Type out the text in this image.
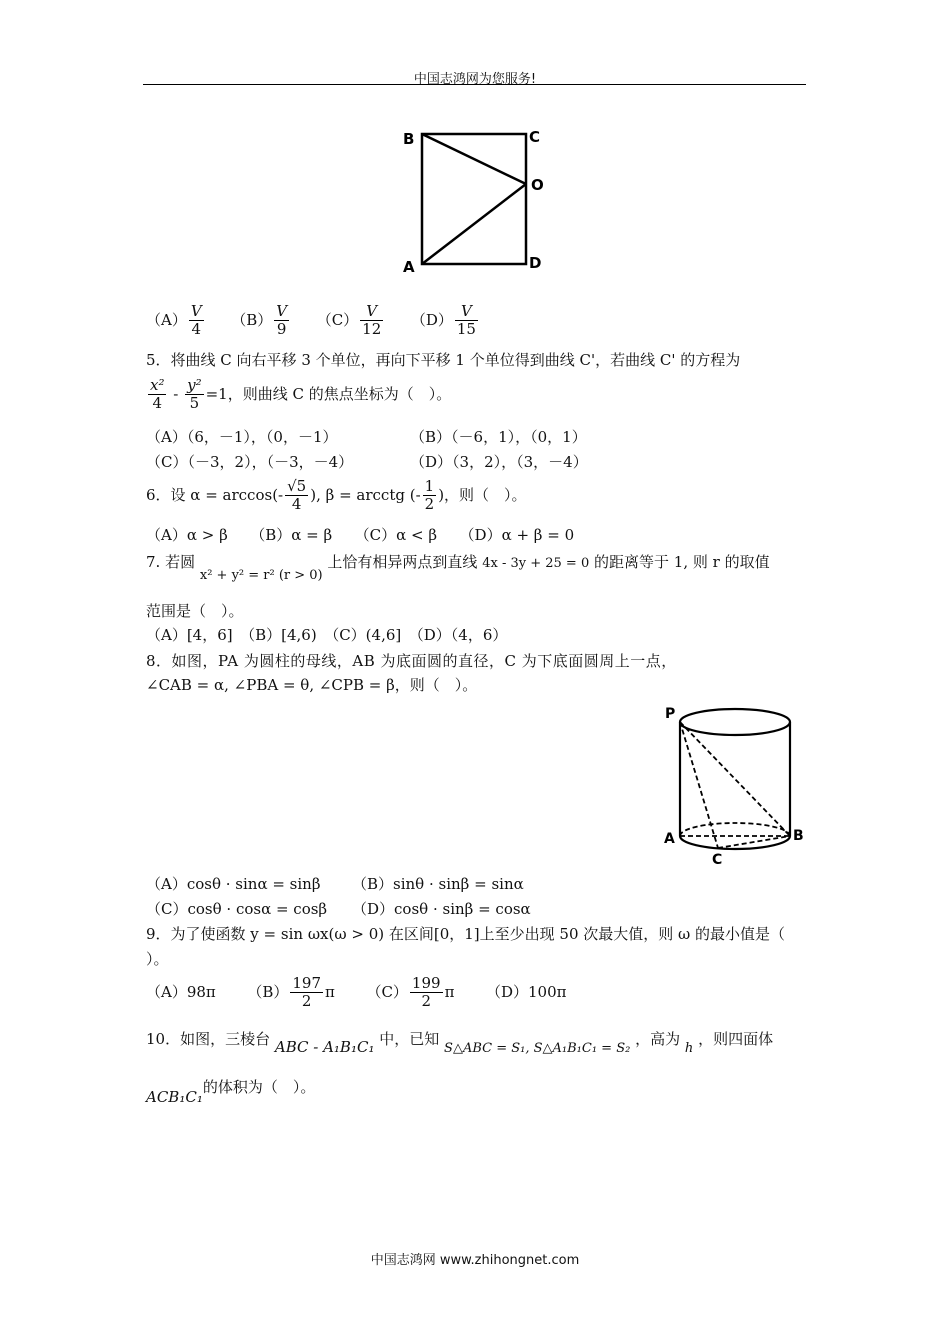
中国志鸿网为您服务!
B	C
O
A	D
$(A) \frac{V}{4} (B) \frac{V}{9} (C) \frac{V}{12} (D) \frac{V}{15}$
5．将曲线 C 向右平移 3 个单位，再向下平移 1 个单位得到曲线 C'，若曲线 C' 的方程为
$\frac{\text{x²}}{4} - \frac{\text{y²}}{5} =1$，则曲线 C 的焦点坐标为（　）。
（A）（6，－1），（0，－1）	（B）（－6，1），（0，1）
（C）（－3，2），（－3，－4）	（D）（3，2），（3，－4）
6．设 $\alpha = \arccos(- \frac{√5}{4}$ ), β = arcctg (- $\frac{1}{2}$ )，则（　）。
（A）α > β　　（B）α = β　　（C）α < β　　（D）α + β = 0
7. 若圆 x² + y² = r² (r > 0) 上恰有相异两点到直线 4x - 3y + 25 = 0 的距离等于 1, 则 r 的取值
范围是（　）。
（A）[4，6]　（B）[4,6)　（C）(4,6]　（D）（4，6）
8．如图，PA 为圆柱的母线，AB 为底面圆的直径，C 为下底面圆周上一点，
∠CAB = α, ∠PBA = θ, ∠CPB = β，则（　）。
P
A	B
C
（A）cosθ · sinα = sinβ （B）sinθ · sinβ = sinα
（C）cosθ · cosα = cosβ （D）cosθ · sinβ = cosα
9．为了使函数 y = sin ωx(ω > 0) 在区间[0，1]上至少出现 50 次最大值，则 ω 的最小值是（
）。
（A）98π $(B) \frac{197}{2}$ π $(C) \frac{199}{2}$ π （D）100π
10．如图，三棱台 ABC - A₁B₁C₁ 中，已知 S△ABC = S₁, S△A₁B₁C₁ = S₂ ，高为 h ，则四面体
ACB₁C₁的体积为（　）。
中国志鸿网 www.zhihongnet.com
